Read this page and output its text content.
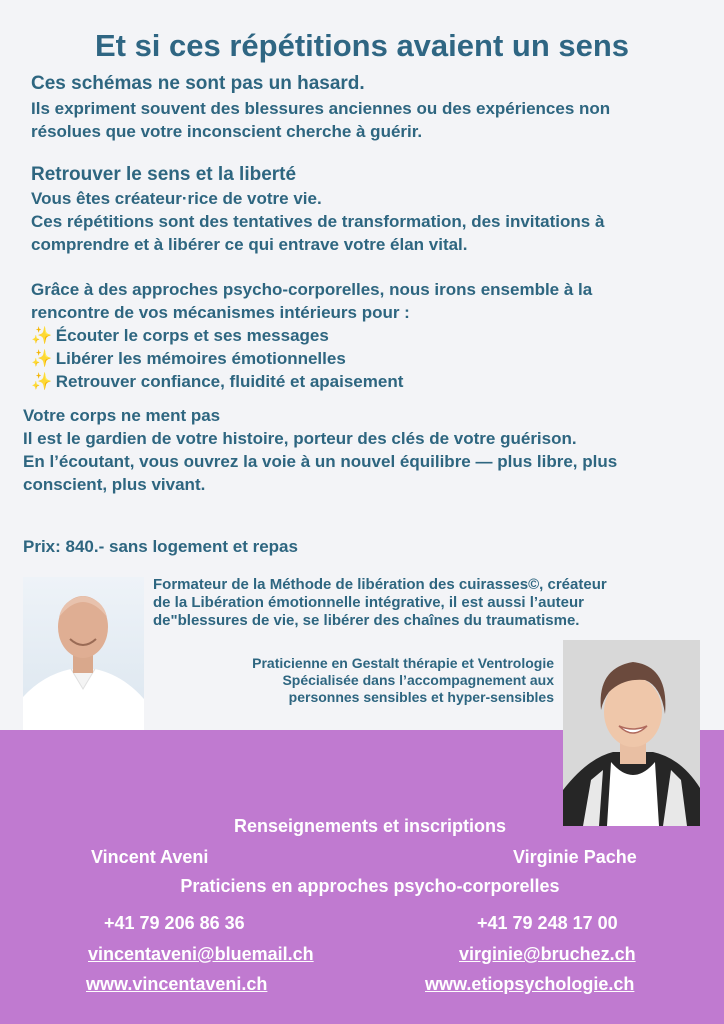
Et si ces répétitions avaient un sens
Ces schémas ne sont pas un hasard.
Ils expriment souvent des blessures anciennes ou des expériences non
résolues que votre inconscient cherche à guérir.
Retrouver le sens et la liberté
Vous êtes créateur·rice de votre vie.
Ces répétitions sont des tentatives de transformation, des invitations à
comprendre et à libérer ce qui entrave votre élan vital.
Grâce à des approches psycho-corporelles, nous irons ensemble à la
rencontre de vos mécanismes intérieurs pour :
✨ Écouter le corps et ses messages
✨ Libérer les mémoires émotionnelles
✨ Retrouver confiance, fluidité et apaisement
Votre corps ne ment pas
Il est le gardien de votre histoire, porteur des clés de votre guérison.
En l’écoutant, vous ouvrez la voie à un nouvel équilibre — plus libre, plus
conscient, plus vivant.
Prix: 840.- sans logement et repas
Formateur de la Méthode de libération des cuirasses©, créateur
de la Libération émotionnelle intégrative, il est aussi l’auteur
de"blessures de vie, se libérer des chaînes du traumatisme.
Praticienne en Gestalt thérapie et Ventrologie
Spécialisée dans l’accompagnement aux
personnes sensibles et hyper-sensibles
Renseignements et inscriptions
Vincent Aveni	Virginie Pache
Praticiens en approches psycho-corporelles
+41 79 206 86 36	+41 79 248 17 00
vincentaveni@bluemail.ch	virginie@bruchez.ch
www.vincentaveni.ch	www.etiopsychologie.ch
